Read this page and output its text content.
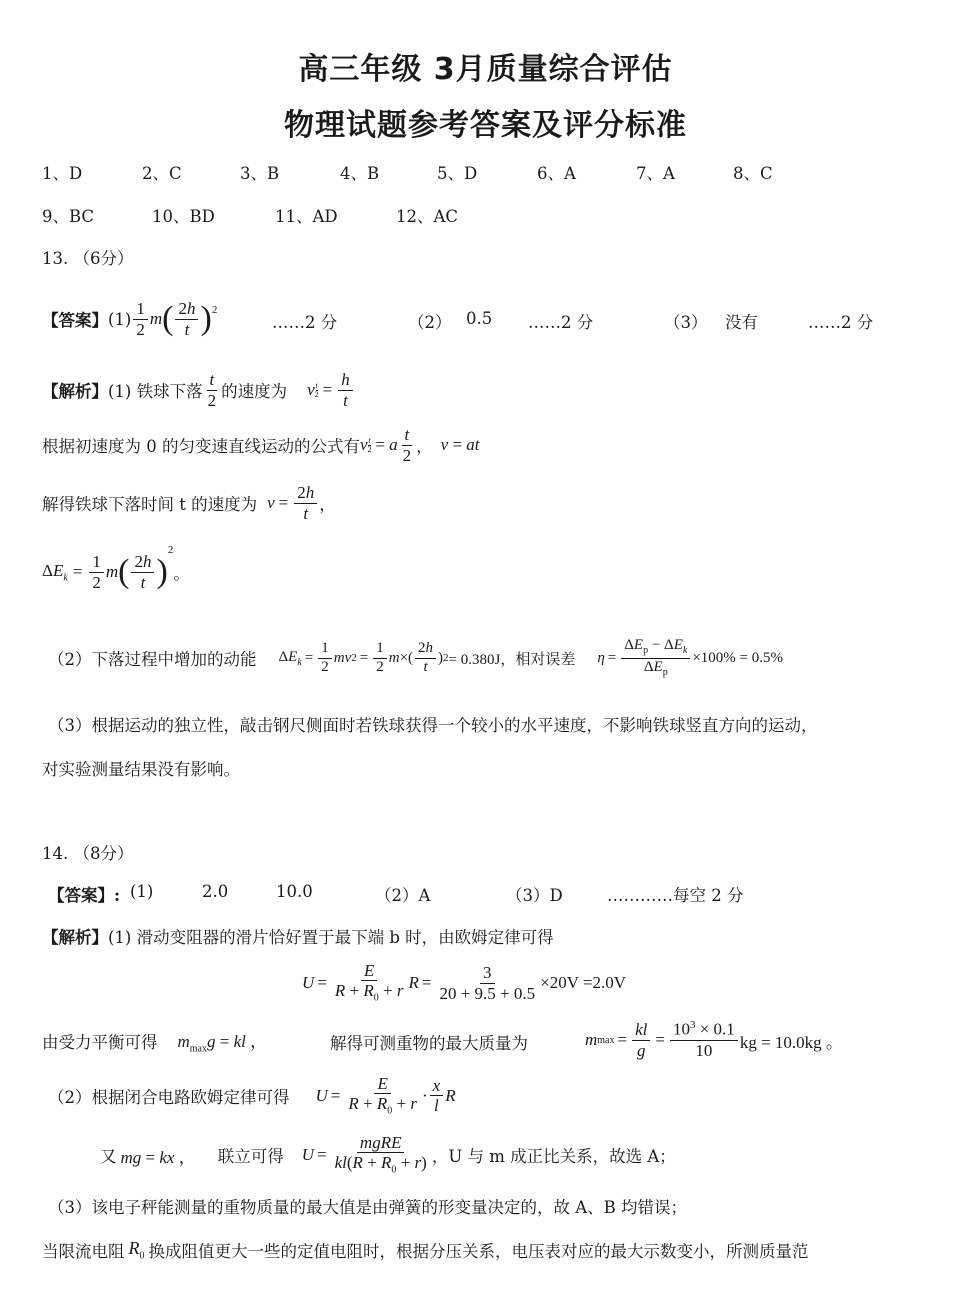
高三年级 3月质量综合评估
物理试题参考答案及评分标准
1、D	2、C	3、B	4、B	5、D	6、A	7、A	8、C
9、BC	10、BD	11、AD	12、AC
13. （6分）
【答案】 $(1) \frac{1}{2}$ m ( $\frac{2h}{t}$ ) 2
……2 分	（2） 0.5 ……2 分	（3） 没有	……2 分
【解析】 (1) 铁球下落 $\frac{t}{2}$ 的速度为 v $\frac{t}{2} = \frac{h}{t}$
根据初速度为 0 的匀变速直线运动的公式有 v $\frac{t}{2} = a \frac{t}{2}$ ， v = at
解得铁球下落时间 t 的速度为 $v = \frac{2h}{t}$ ，
$\Delta E_k = \frac{1}{2}$ m ( $\frac{2h}{t}$ )
2
。
（2）下落过程中增加的动能 $\Delta E_k = \frac{1}{2}$ mv $2 = \frac{1}{2}$ m ×( $\frac{2h}{t}$ ) 2 = 0.380J，相对误差 $\eta = \frac{\Delta E_p - \Delta E_k}{\Delta E_p} \times 100\% = 0.5\%$
（3）根据运动的独立性，敲击钢尺侧面时若铁球获得一个较小的水平速度，不影响铁球竖直方向的运动，
对实验测量结果没有影响。
14. （8分）
【答案】: (1)	2.0	10.0	（2）A	（3）D	…………每空 2 分
【解析】(1) 滑动变阻器的滑片恰好置于最下端 b 时，由欧姆定律可得
$U = \frac{E}{R + R_0 + r}$ $R = \frac{3}{20 + 9.5 + 0.5} \times 20V =2.0V$
由受力平衡可得 $m_{max}g$ = kl ，	解得可测重物的最大质量为	m $\max = \frac{kl}{g} = \frac{10^3 \times 0.1}{10}$ kg = 10.0kg 。
（2）根据闭合电路欧姆定律可得 $U = \frac{E}{R + R_0 + r} \cdot \frac{x}{l}$ R
又 mg = kx ， 联立可得 $U = \frac{\text{mgRE}}{kl(R + R_0 + r)}$ ，U 与 m 成正比关系，故选 A；
（3）该电子秤能测量的重物质量的最大值是由弹簧的形变量决定的，故 A、B 均错误；
当限流电阻 $R_0$ 换成阻值更大一些的定值电阻时，根据分压关系，电压表对应的最大示数变小，所测质量范
